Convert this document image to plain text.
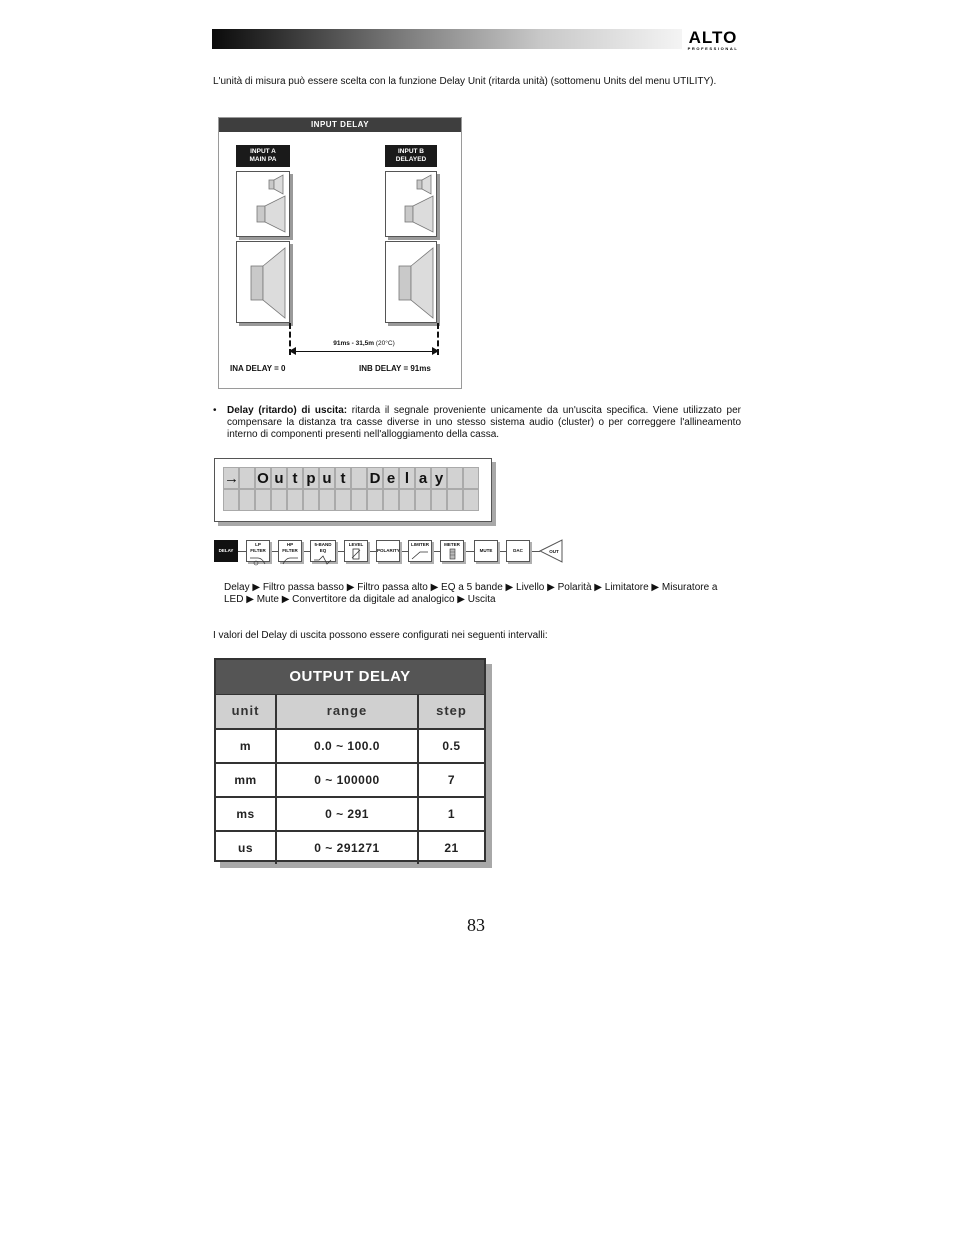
ALTO
PROFESSIONAL
L'unità di misura può essere scelta con la funzione Delay Unit (ritarda unità) (sottomenu Units del menu UTILITY).
INPUT DELAY
INPUT A
MAIN PA
INPUT B
DELAYED
91ms - 31,5m (20°C)
INA DELAY = 0	INB DELAY = 91ms
•	Delay (ritardo) di uscita: ritarda il segnale proveniente unicamente da un'uscita specifica. Viene utilizzato per compensare la distanza tra casse diverse in uno stesso sistema audio (cluster) o per correggere l'allineamento interno di componenti presenti nell'alloggiamento della cassa.
→ O u t p u t	D e l a y
DELAY
LP FILTER
HP FILTER
5-BAND EQ
LEVEL
POLARITY
LIMITER	METER
MUTE	DAC	OUT
Delay ▶ Filtro passa basso ▶ Filtro passa alto ▶ EQ a 5 bande ▶ Livello ▶ Polarità ▶ Limitatore ▶ Misuratore a LED ▶ Mute ▶ Convertitore da digitale ad analogico ▶ Uscita
I valori del Delay di uscita possono essere configurati nei seguenti intervalli:
OUTPUT DELAY
unit	range	step
m	0.0 ~ 100.0	0.5
mm	0 ~ 100000	7
ms	0 ~ 291	1
us	0 ~ 291271	21
83
